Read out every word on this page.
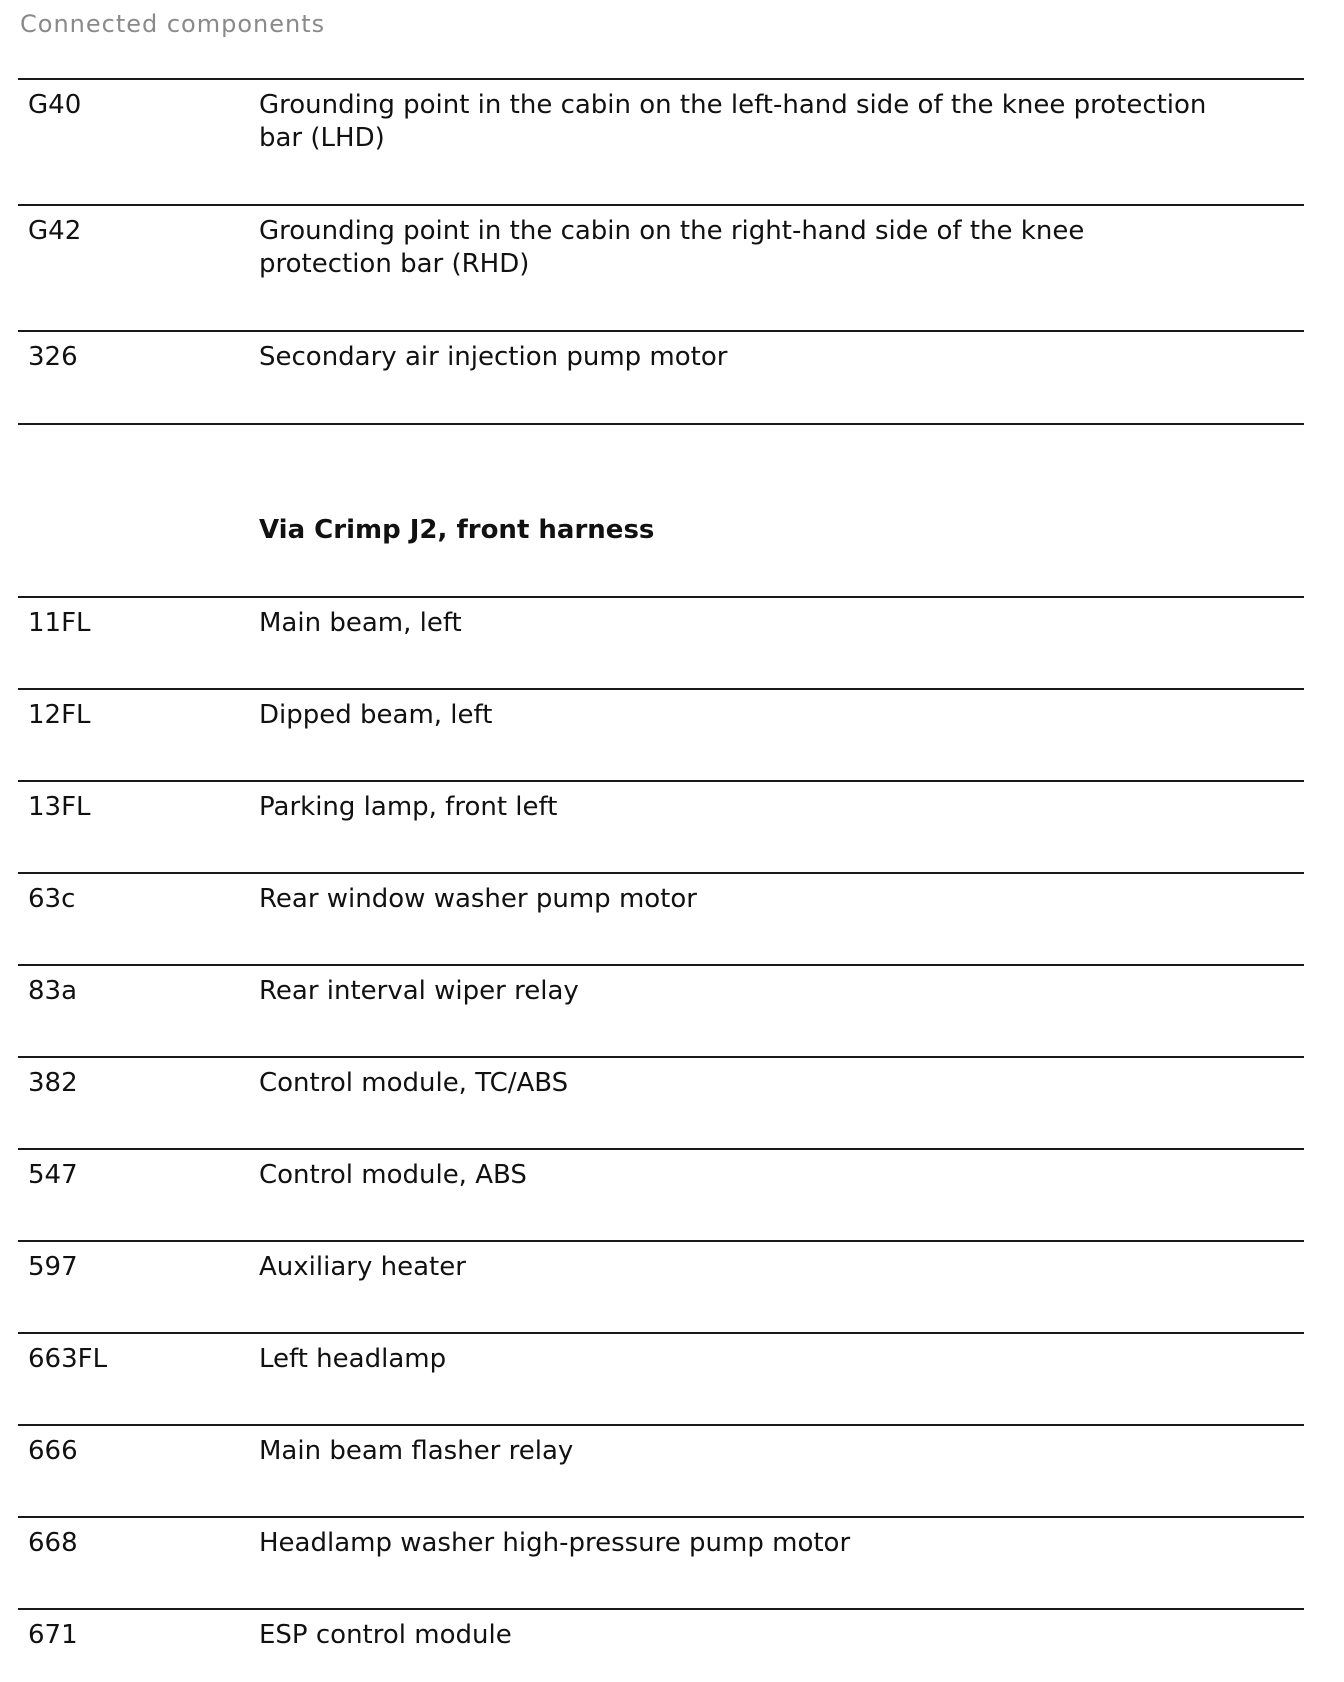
Connected components
G40	Grounding point in the cabin on the left-hand side of the knee protection bar (LHD)
G42	Grounding point in the cabin on the right-hand side of the knee protection bar (RHD)
326	Secondary air injection pump motor
Via Crimp J2, front harness
11FL	Main beam, left
12FL	Dipped beam, left
13FL	Parking lamp, front left
63c	Rear window washer pump motor
83a	Rear interval wiper relay
382	Control module, TC/ABS
547	Control module, ABS
597	Auxiliary heater
663FL	Left headlamp
666	Main beam flasher relay
668	Headlamp washer high-pressure pump motor
671	ESP control module
